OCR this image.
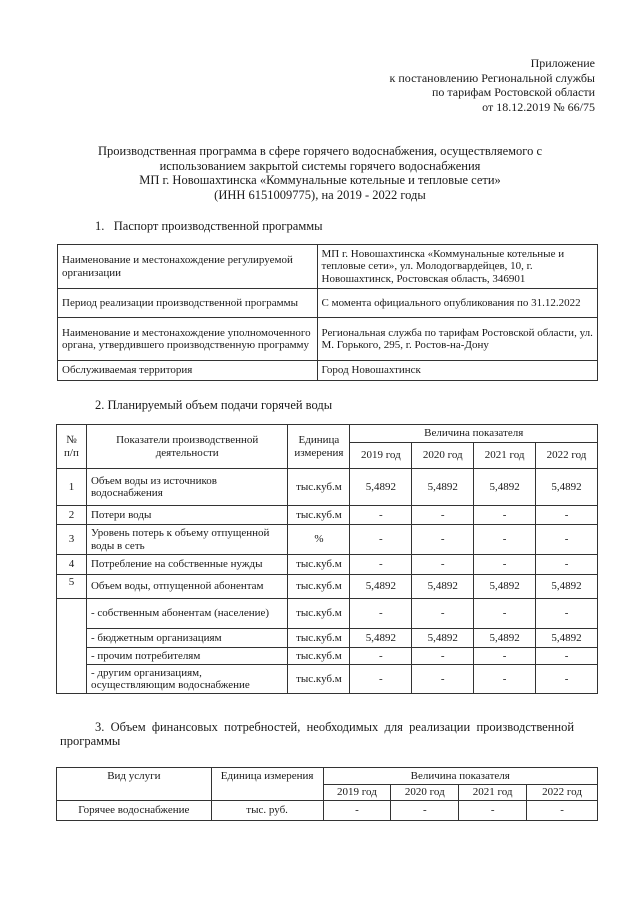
Приложение
к постановлению Региональной службы
по тарифам Ростовской области
от 18.12.2019 № 66/75
Производственная программа в сфере горячего водоснабжения, осуществляемого с
использованием закрытой системы горячего водоснабжения
МП г. Новошахтинска «Коммунальные котельные и тепловые сети»
(ИНН 6151009775), на 2019 - 2022 годы
1.   Паспорт производственной программы
Наименование и местонахождение регулируемой организации	МП г. Новошахтинска «Коммунальные котельные и тепловые сети», ул. Молодогвардейцев, 10, г. Новошахтинск, Ростовская область, 346901
Период реализации производственной программы	С момента официального опубликования по 31.12.2022
Наименование и местонахождение уполномоченного органа, утвердившего производственную программу	Региональная служба по тарифам Ростовской области, ул. М. Горького, 295, г. Ростов-на-Дону
Обслуживаемая территория	Город Новошахтинск
2. Планируемый объем подачи горячей воды
№ п/п	Показатели производственной деятельности	Единица измерения	Величина показателя			
			2019 год	2020 год	2021 год	2022 год
1	Объем воды из источников водоснабжения	тыс.куб.м	5,4892	5,4892	5,4892	5,4892
2	Потери воды	тыс.куб.м	-	-	-	-
3	Уровень потерь к объему отпущенной воды в сеть	%	-	-	-	-
4	Потребление на собственные нужды	тыс.куб.м	-	-	-	-
5	Объем воды, отпущенной абонентам	тыс.куб.м	5,4892	5,4892	5,4892	5,4892
	- собственным абонентам (население)	тыс.куб.м	-	-	-	-
	- бюджетным организациям	тыс.куб.м	5,4892	5,4892	5,4892	5,4892
	- прочим потребителям	тыс.куб.м	-	-	-	-
	- другим организациям, осуществляющим водоснабжение	тыс.куб.м	-	-	-	-
3.  Объем  финансовых  потребностей,  необходимых  для  реализации  производственной
программы
Вид услуги	Единица измерения	Величина показателя			
		2019 год	2020 год	2021 год	2022 год
Горячее водоснабжение	тыс. руб.	-	-	-	-
